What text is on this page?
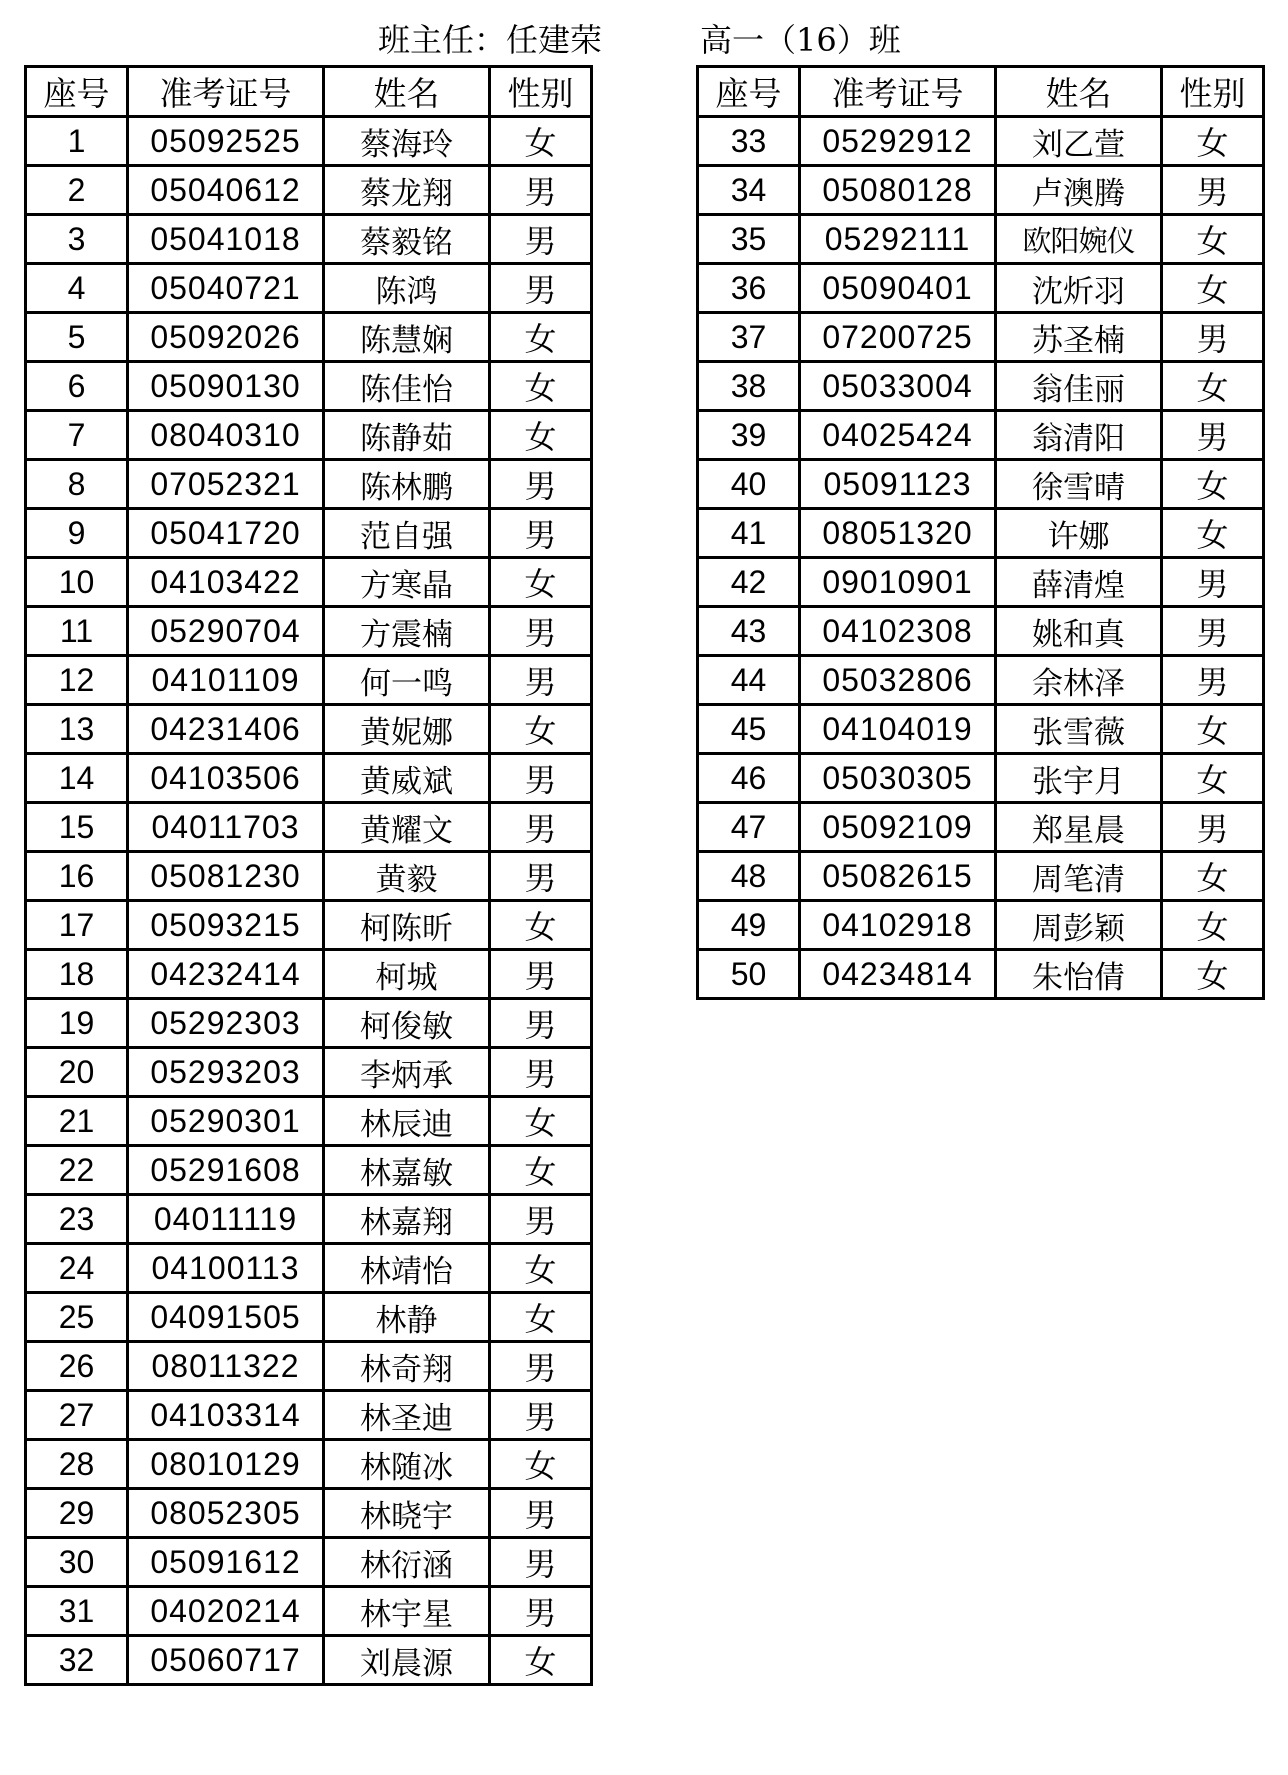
班主任：任建荣	高一（16）班
座号	准考证号	姓名	性别
1	05092525	蔡海玲	女
2	05040612	蔡龙翔	男
3	05041018	蔡毅铭	男
4	05040721	陈鸿	男
5	05092026	陈慧娴	女
6	05090130	陈佳怡	女
7	08040310	陈静茹	女
8	07052321	陈林鹏	男
9	05041720	范自强	男
10	04103422	方寒晶	女
11	05290704	方震楠	男
12	04101109	何一鸣	男
13	04231406	黄妮娜	女
14	04103506	黄威斌	男
15	04011703	黄耀文	男
16	05081230	黄毅	男
17	05093215	柯陈昕	女
18	04232414	柯城	男
19	05292303	柯俊敏	男
20	05293203	李炳承	男
21	05290301	林辰迪	女
22	05291608	林嘉敏	女
23	04011119	林嘉翔	男
24	04100113	林靖怡	女
25	04091505	林静	女
26	08011322	林奇翔	男
27	04103314	林圣迪	男
28	08010129	林随冰	女
29	08052305	林晓宇	男
30	05091612	林衍涵	男
31	04020214	林宇星	男
32	05060717	刘晨源	女
座号	准考证号	姓名	性别
33	05292912	刘乙萱	女
34	05080128	卢澳腾	男
35	05292111	欧阳婉仪	女
36	05090401	沈炘羽	女
37	07200725	苏圣楠	男
38	05033004	翁佳丽	女
39	04025424	翁清阳	男
40	05091123	徐雪晴	女
41	08051320	许娜	女
42	09010901	薛清煌	男
43	04102308	姚和真	男
44	05032806	余林泽	男
45	04104019	张雪薇	女
46	05030305	张宇月	女
47	05092109	郑星晨	男
48	05082615	周笔清	女
49	04102918	周彭颖	女
50	04234814	朱怡倩	女
